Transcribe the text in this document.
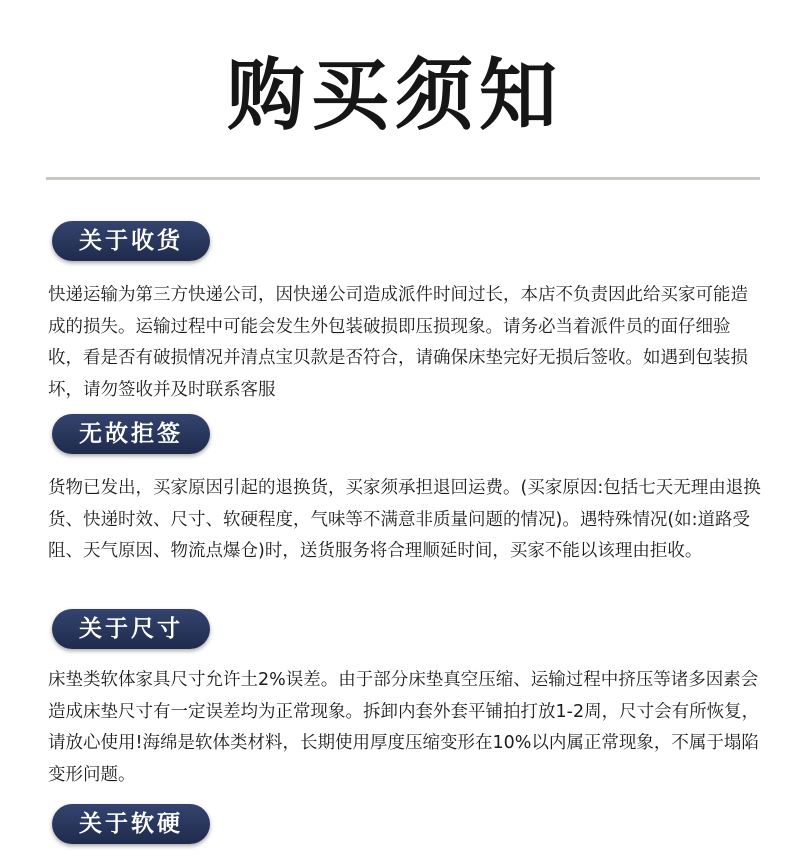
购买须知
关于收货

快递运输为第三方快递公司，因快递公司造成派件时间过长，本店不负责因此给买家可能造成的损失。运输过程中可能会发生外包装破损即压损现象。请务必当着派件员的面仔细验收，看是否有破损情况并清点宝贝款是否符合，请确保床垫完好无损后签收。如遇到包装损坏，请勿签收并及时联系客服

无故拒签

货物已发出，买家原因引起的退换货，买家须承担退回运费。(买家原因:包括七天无理由退换货、快递时效、尺寸、软硬程度，气味等不满意非质量问题的情况)。遇特殊情况(如:道路受阻、天气原因、物流点爆仓)时，送货服务将合理顺延时间，买家不能以该理由拒收。

关于尺寸

床垫类软体家具尺寸允许土2%误差。由于部分床垫真空压缩、运输过程中挤压等诸多因素会造成床垫尺寸有一定误差均为正常现象。拆卸内套外套平铺拍打放1-2周，尺寸会有所恢复，请放心使用!海绵是软体类材料，长期使用厚度压缩变形在10%以内属正常现象，不属于塌陷变形问题。

关于软硬
